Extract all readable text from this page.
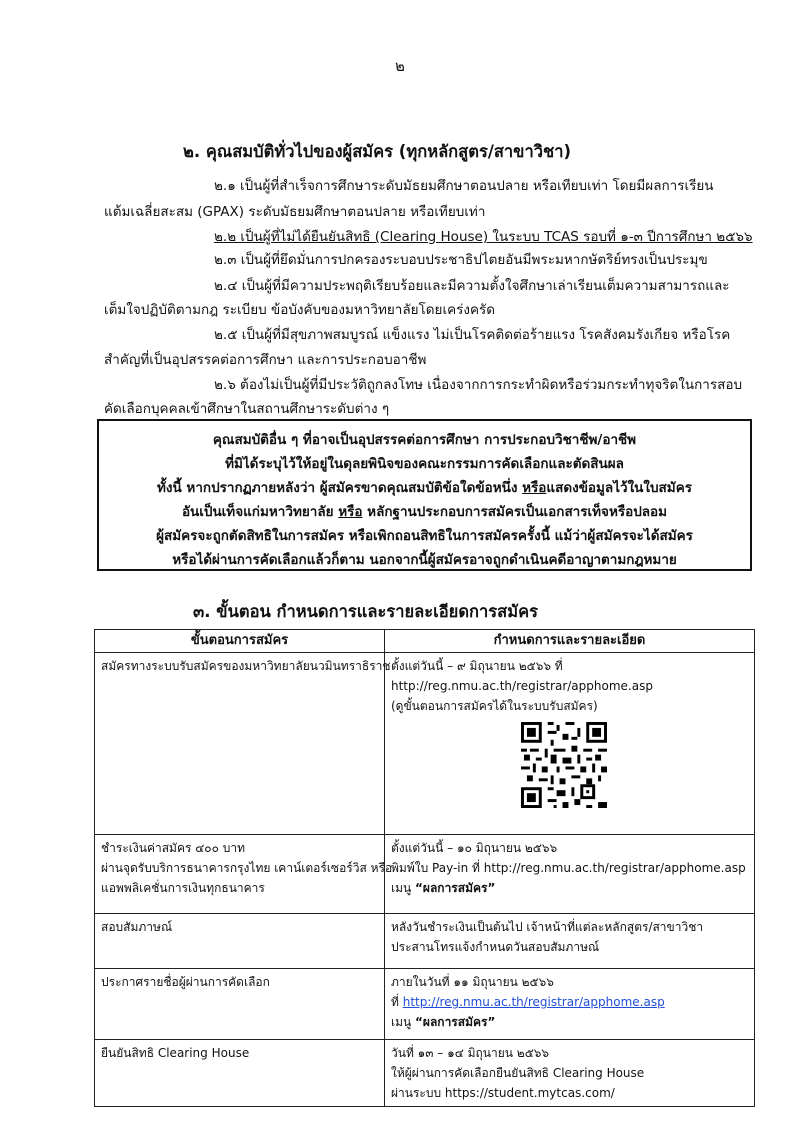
๒
๒. คุณสมบัติทั่วไปของผู้สมัคร (ทุกหลักสูตร/สาขาวิชา)
๒.๑ เป็นผู้ที่สำเร็จการศึกษาระดับมัธยมศึกษาตอนปลาย หรือเทียบเท่า โดยมีผลการเรียน
แต้มเฉลี่ยสะสม (GPAX) ระดับมัธยมศึกษาตอนปลาย หรือเทียบเท่า
๒.๒ เป็นผู้ที่ไม่ได้ยืนยันสิทธิ (Clearing House) ในระบบ TCAS รอบที่ ๑-๓ ปีการศึกษา ๒๕๖๖
๒.๓ เป็นผู้ที่ยึดมั่นการปกครองระบอบประชาธิปไตยอันมีพระมหากษัตริย์ทรงเป็นประมุข
๒.๔ เป็นผู้ที่มีความประพฤติเรียบร้อยและมีความตั้งใจศึกษาเล่าเรียนเต็มความสามารถและ
เต็มใจปฏิบัติตามกฎ ระเบียบ ข้อบังคับของมหาวิทยาลัยโดยเคร่งครัด
๒.๕ เป็นผู้ที่มีสุขภาพสมบูรณ์ แข็งแรง ไม่เป็นโรคติดต่อร้ายแรง โรคสังคมรังเกียจ หรือโรค
สำคัญที่เป็นอุปสรรคต่อการศึกษา และการประกอบอาชีพ
๒.๖ ต้องไม่เป็นผู้ที่มีประวัติถูกลงโทษ เนื่องจากการกระทำผิดหรือร่วมกระทำทุจริตในการสอบ
คัดเลือกบุคคลเข้าศึกษาในสถานศึกษาระดับต่าง ๆ
คุณสมบัติอื่น ๆ ที่อาจเป็นอุปสรรคต่อการศึกษา การประกอบวิชาชีพ/อาชีพ
ที่มิได้ระบุไว้ให้อยู่ในดุลยพินิจของคณะกรรมการคัดเลือกและตัดสินผล
ทั้งนี้ หากปรากฏภายหลังว่า ผู้สมัครขาดคุณสมบัติข้อใดข้อหนึ่ง หรือแสดงข้อมูลไว้ในใบสมัคร
อันเป็นเท็จแก่มหาวิทยาลัย หรือ หลักฐานประกอบการสมัครเป็นเอกสารเท็จหรือปลอม
ผู้สมัครจะถูกตัดสิทธิในการสมัคร หรือเพิกถอนสิทธิในการสมัครครั้งนี้ แม้ว่าผู้สมัครจะได้สมัคร
หรือได้ผ่านการคัดเลือกแล้วก็ตาม นอกจากนี้ผู้สมัครอาจถูกดำเนินคดีอาญาตามกฎหมาย
๓. ขั้นตอน กำหนดการและรายละเอียดการสมัคร
ขั้นตอนการสมัคร	กำหนดการและรายละเอียด

สมัครทางระบบรับสมัครของมหาวิทยาลัยนวมินทราธิราช	ตั้งแต่วันนี้ – ๙ มิถุนายน ๒๕๖๖ ที่
http://reg.nmu.ac.th/registrar/apphome.asp
(ดูขั้นตอนการสมัครได้ในระบบรับสมัคร)

ชำระเงินค่าสมัคร ๔๐๐ บาท
ผ่านจุดรับบริการธนาคารกรุงไทย เคาน์เตอร์เซอร์วิส หรือ
แอพพลิเคชั่นการเงินทุกธนาคาร	ตั้งแต่วันนี้ – ๑๐ มิถุนายน ๒๕๖๖
พิมพ์ใบ Pay-in ที่ http://reg.nmu.ac.th/registrar/apphome.asp
เมนู “ผลการสมัคร”

สอบสัมภาษณ์	หลังวันชำระเงินเป็นต้นไป เจ้าหน้าที่แต่ละหลักสูตร/สาขาวิชา
ประสานโทรแจ้งกำหนดวันสอบสัมภาษณ์

ประกาศรายชื่อผู้ผ่านการคัดเลือก	ภายในวันที่ ๑๑ มิถุนายน ๒๕๖๖
ที่ http://reg.nmu.ac.th/registrar/apphome.asp
เมนู “ผลการสมัคร”

ยืนยันสิทธิ Clearing House	วันที่ ๑๓ – ๑๔ มิถุนายน ๒๕๖๖
ให้ผู้ผ่านการคัดเลือกยืนยันสิทธิ Clearing House
ผ่านระบบ https://student.mytcas.com/
